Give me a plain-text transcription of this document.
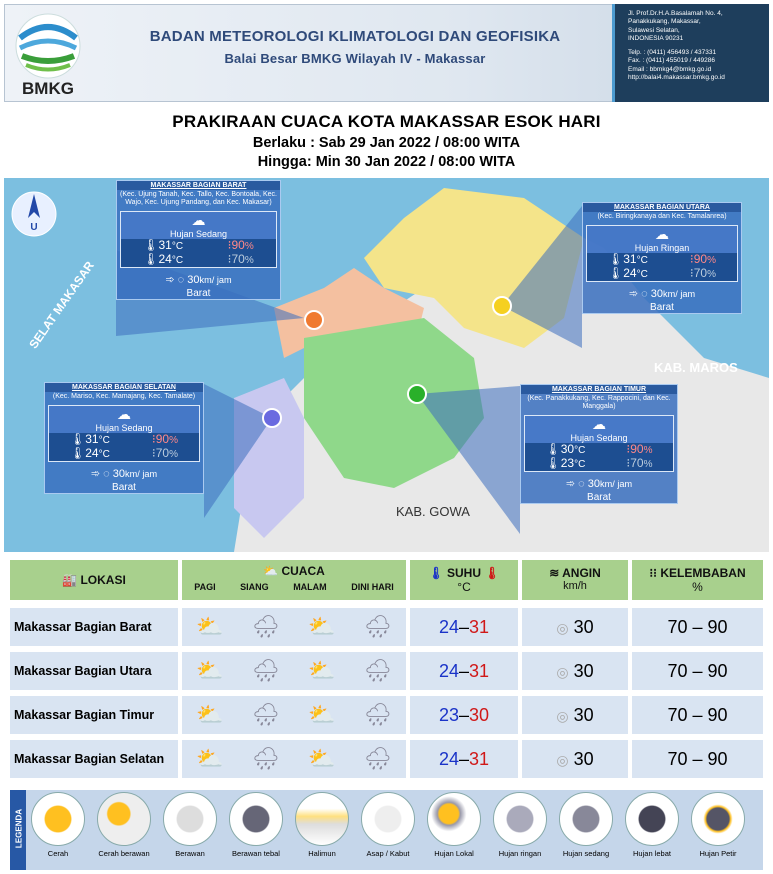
BMKG
BADAN METEOROLOGI KLIMATOLOGI DAN GEOFISIKA
Balai Besar BMKG Wilayah IV - Makassar
Jl. Prof.Dr.H.A.Basalamah No. 4,
Panakkukang, Makassar,
Sulawesi Selatan,
INDONESIA 90231
Telp. : (0411) 456493 / 437331
Fax. : (0411) 455019 / 449286
Email : bbmkg4@bmkg.go.id
http://balai4.makassar.bmkg.go.id
PRAKIRAAN CUACA KOTA MAKASSAR ESOK HARI
Berlaku : Sab 29 Jan 2022 / 08:00 WITA
Hingga: Min 30 Jan 2022 / 08:00 WITA
U
SELAT MAKASAR
KAB. MAROS
KAB. GOWA
MAKASSAR BAGIAN BARAT
(Kec. Ujung Tanah, Kec. Tallo, Kec. Bontoala, Kec. Wajo, Kec. Ujung Pandang, dan Kec. Makasar)
☁
Hujan Sedang
🌡31°C	⁝90%
🌡24°C	⁝70%
➾ ◌ 30km/ jam
Barat
MAKASSAR BAGIAN UTARA
(Kec. Biringkanaya dan Kec. Tamalanrea)
☁
Hujan Ringan
🌡31°C	⁝90%
🌡24°C	⁝70%
➾ ◌ 30km/ jam
Barat
MAKASSAR BAGIAN SELATAN
(Kec. Mariso, Kec. Mamajang, Kec. Tamalate)
☁
Hujan Sedang
🌡31°C	⁝90%
🌡24°C	⁝70%
➾ ◌ 30km/ jam
Barat
MAKASSAR BAGIAN TIMUR
(Kec. Panakkukang, Kec. Rappocini, dan Kec. Manggala)
☁
Hujan Sedang
🌡30°C	⁝90%
🌡23°C	⁝70%
➾ ◌ 30km/ jam
Barat
🏭 LOKASI
⛅ CUACA
PAGI	SIANG	MALAM	DINI HARI
🌡 SUHU 🌡
°C
≋ ANGIN
km/h
⁝⁝ KELEMBABAN
%
Makassar Bagian Barat	⛅ 🌧 ⛅ 🌧	24–31	◎ 30	70 – 90
Makassar Bagian Utara	⛅ 🌧 ⛅ 🌧	24–31	◎ 30	70 – 90
Makassar Bagian Timur	⛅ 🌧 ⛅ 🌧	23–30	◎ 30	70 – 90
Makassar Bagian Selatan	⛅ 🌧 ⛅ 🌧	24–31	◎ 30	70 – 90
LEGENDA
Cerah	Cerah berawan	Berawan	Berawan tebal	Halimun	Asap / Kabut	Hujan Lokal	Hujan ringan	Hujan sedang	Hujan lebat	Hujan Petir
